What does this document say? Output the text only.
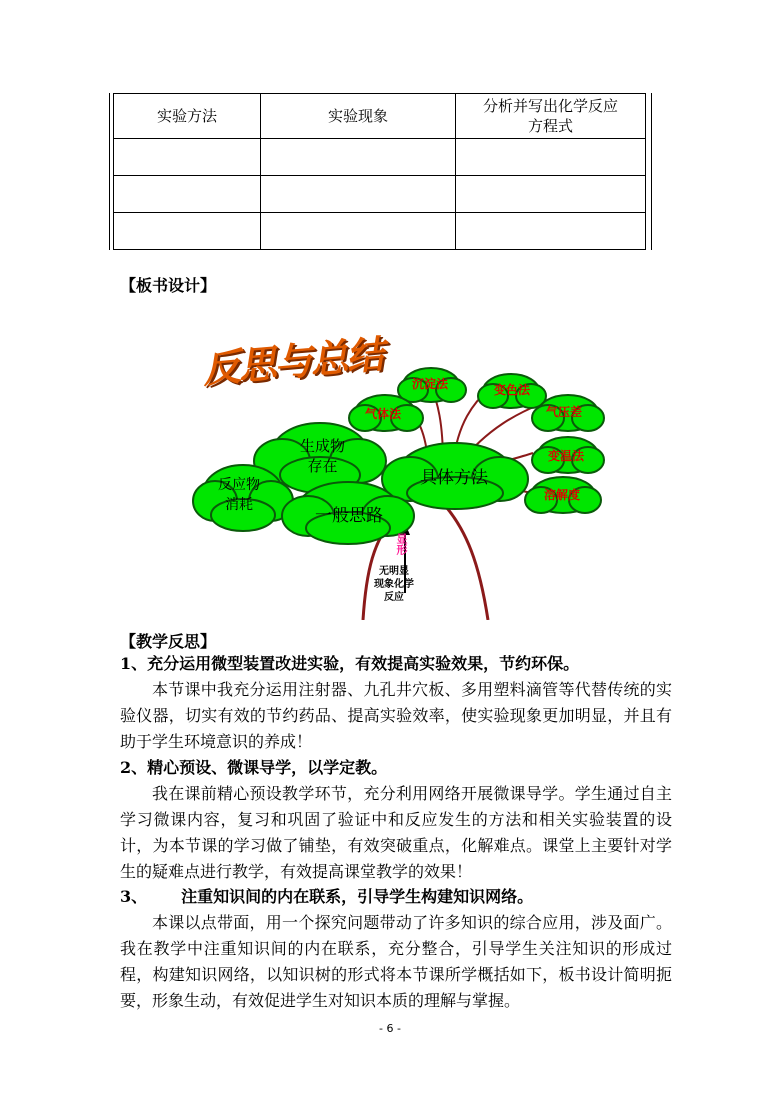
实验方法	实验现象	分析并写出化学反应
方程式

【板书设计】
反思与总结 沉淀法	变色法
气体法	气压差
变温法
溶解度
生成物
存在
反应物
消耗
具体方法
一般思路
显形
无明显
现象化学
反应
【教学反思】
1、充分运用微型装置改进实验，有效提高实验效果，节约环保。
本节课中我充分运用注射器、九孔井穴板、多用塑料滴管等代替传统的实验仪器，切实有效的节约药品、提高实验效率，使实验现象更加明显，并且有助于学生环境意识的养成！
2、精心预设、微课导学，以学定教。
我在课前精心预设教学环节，充分利用网络开展微课导学。学生通过自主学习微课内容，复习和巩固了验证中和反应发生的方法和相关实验装置的设计，为本节课的学习做了铺垫，有效突破重点，化解难点。课堂上主要针对学生的疑难点进行教学，有效提高课堂教学的效果！
3、 注重知识间的内在联系，引导学生构建知识网络。
本课以点带面，用一个探究问题带动了许多知识的综合应用，涉及面广。我在教学中注重知识间的内在联系，充分整合，引导学生关注知识的形成过程，构建知识网络，以知识树的形式将本节课所学概括如下，板书设计简明扼要，形象生动，有效促进学生对知识本质的理解与掌握。
- 6 -
